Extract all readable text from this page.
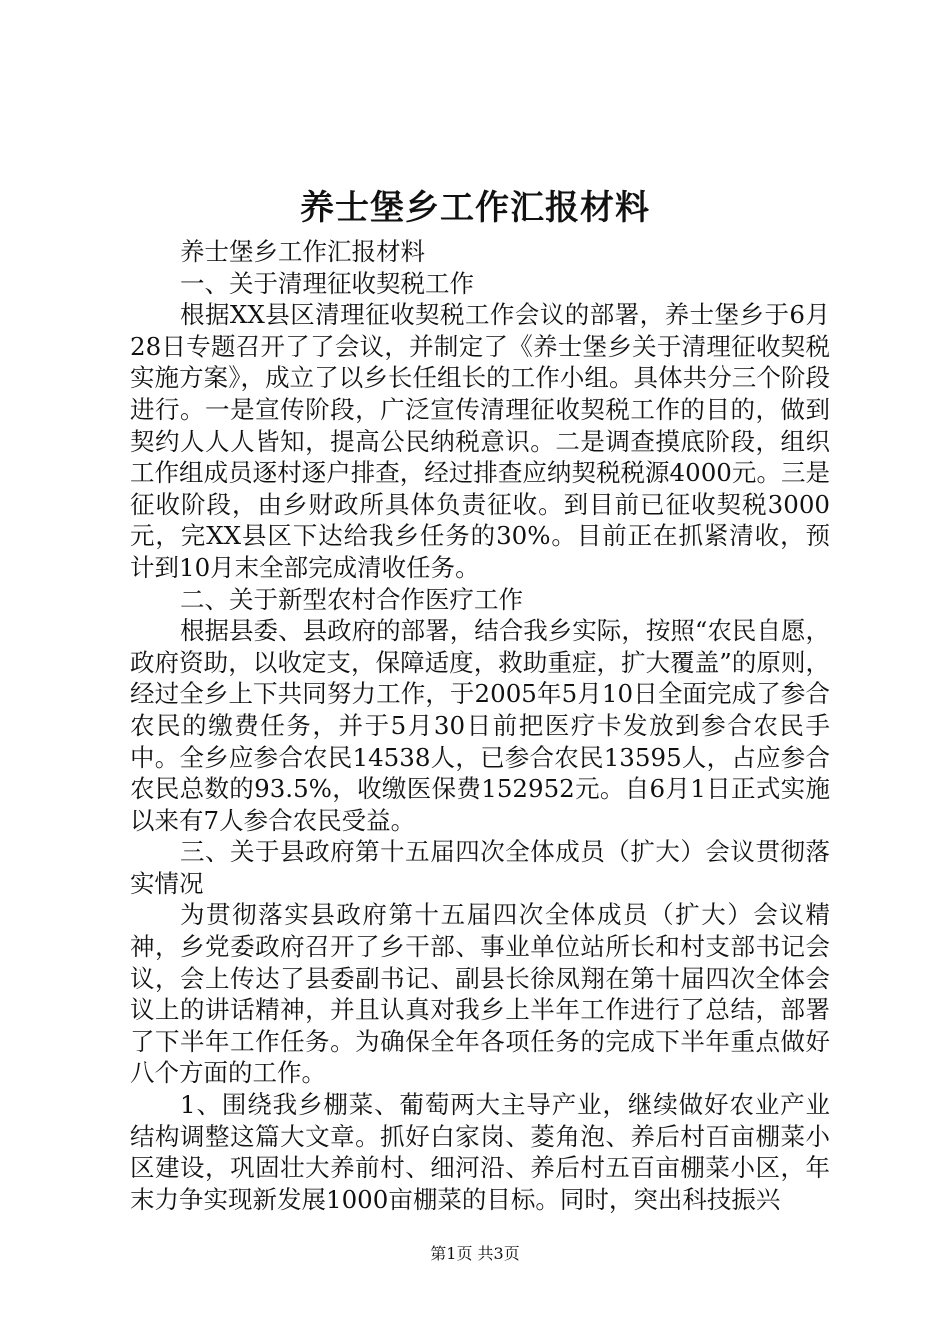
养士堡乡工作汇报材料

养士堡乡工作汇报材料

一、关于清理征收契税工作

根据XX县区清理征收契税工作会议的部署，养士堡乡于6月28日专题召开了了会议，并制定了《养士堡乡关于清理征收契税实施方案》，成立了以乡长任组长的工作小组。具体共分三个阶段进行。一是宣传阶段，广泛宣传清理征收契税工作的目的，做到契约人人人皆知，提高公民纳税意识。二是调查摸底阶段，组织工作组成员逐村逐户排查，经过排查应纳契税税源4000元。三是征收阶段，由乡财政所具体负责征收。到目前已征收契税3000元，完XX县区下达给我乡任务的30%。目前正在抓紧清收，预计到10月末全部完成清收任务。

二、关于新型农村合作医疗工作

根据县委、县政府的部署，结合我乡实际，按照“农民自愿，政府资助，以收定支，保障适度，救助重症，扩大覆盖”的原则，经过全乡上下共同努力工作，于2005年5月10日全面完成了参合农民的缴费任务，并于5月30日前把医疗卡发放到参合农民手中。全乡应参合农民14538人，已参合农民13595人，占应参合农民总数的93.5%，收缴医保费152952元。自6月1日正式实施以来有7人参合农民受益。

三、关于县政府第十五届四次全体成员（扩大）会议贯彻落实情况

为贯彻落实县政府第十五届四次全体成员（扩大）会议精神，乡党委政府召开了乡干部、事业单位站所长和村支部书记会议，会上传达了县委副书记、副县长徐凤翔在第十届四次全体会议上的讲话精神，并且认真对我乡上半年工作进行了总结，部署了下半年工作任务。为确保全年各项任务的完成下半年重点做好八个方面的工作。

1、围绕我乡棚菜、葡萄两大主导产业，继续做好农业产业结构调整这篇大文章。抓好白家岗、菱角泡、养后村百亩棚菜小区建设，巩固壮大养前村、细河沿、养后村五百亩棚菜小区，年末力争实现新发展1000亩棚菜的目标。同时，突出科技振兴

第1页 共3页
